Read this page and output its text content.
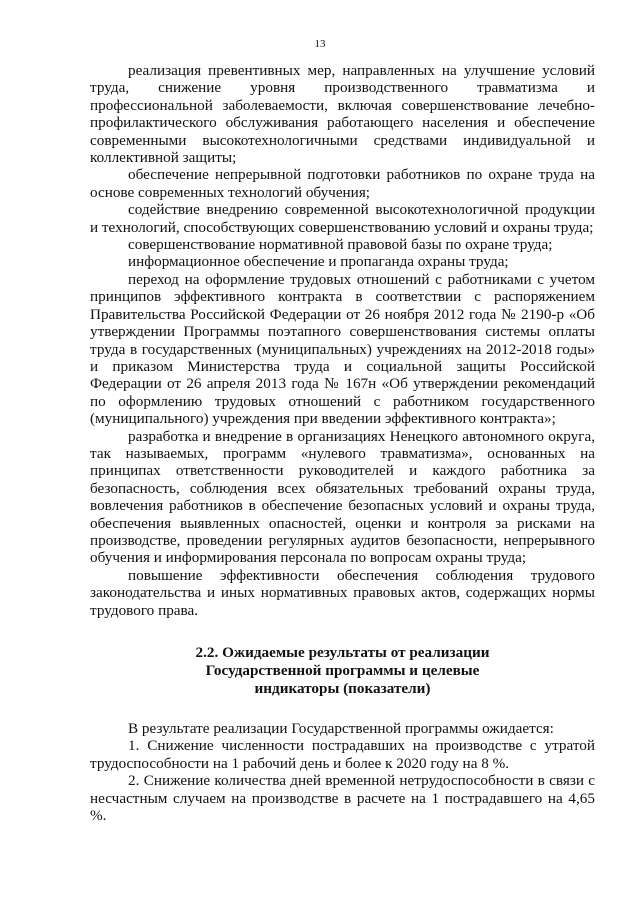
13

реализация превентивных мер, направленных на улучшение условий труда, снижение уровня производственного травматизма и профессиональной заболеваемости, включая совершенствование лечебно-профилактического обслуживания работающего населения и обеспечение современными высокотехнологичными средствами индивидуальной и коллективной защиты;

обеспечение непрерывной подготовки работников по охране труда на основе современных технологий обучения;

содействие внедрению современной высокотехнологичной продукции и технологий, способствующих совершенствованию условий и охраны труда;

совершенствование нормативной правовой базы по охране труда;

информационное обеспечение и пропаганда охраны труда;

переход на оформление трудовых отношений с работниками с учетом принципов эффективного контракта в соответствии с распоряжением Правительства Российской Федерации от 26 ноября 2012 года № 2190-р «Об утверждении Программы поэтапного совершенствования системы оплаты труда в государственных (муниципальных) учреждениях на 2012-2018 годы» и приказом Министерства труда и социальной защиты Российской Федерации от 26 апреля 2013 года № 167н «Об утверждении рекомендаций по оформлению трудовых отношений с работником государственного (муниципального) учреждения при введении эффективного контракта»;

разработка и внедрение в организациях Ненецкого автономного округа, так называемых, программ «нулевого травматизма», основанных на принципах ответственности руководителей и каждого работника за безопасность, соблюдения всех обязательных требований охраны труда, вовлечения работников в обеспечение безопасных условий и охраны труда, обеспечения выявленных опасностей, оценки и контроля за рисками на производстве, проведении регулярных аудитов безопасности, непрерывного обучения и информирования персонала по вопросам охраны труда;

повышение эффективности обеспечения соблюдения трудового законодательства и иных нормативных правовых актов, содержащих нормы трудового права.

2.2. Ожидаемые результаты от реализации
Государственной программы и целевые
индикаторы (показатели)

В результате реализации Государственной программы ожидается:

1. Снижение численности пострадавших на производстве с утратой трудоспособности на 1 рабочий день и более к 2020 году на 8 %.

2. Снижение количества дней временной нетрудоспособности в связи с несчастным случаем на производстве в расчете на 1 пострадавшего на 4,65 %.
